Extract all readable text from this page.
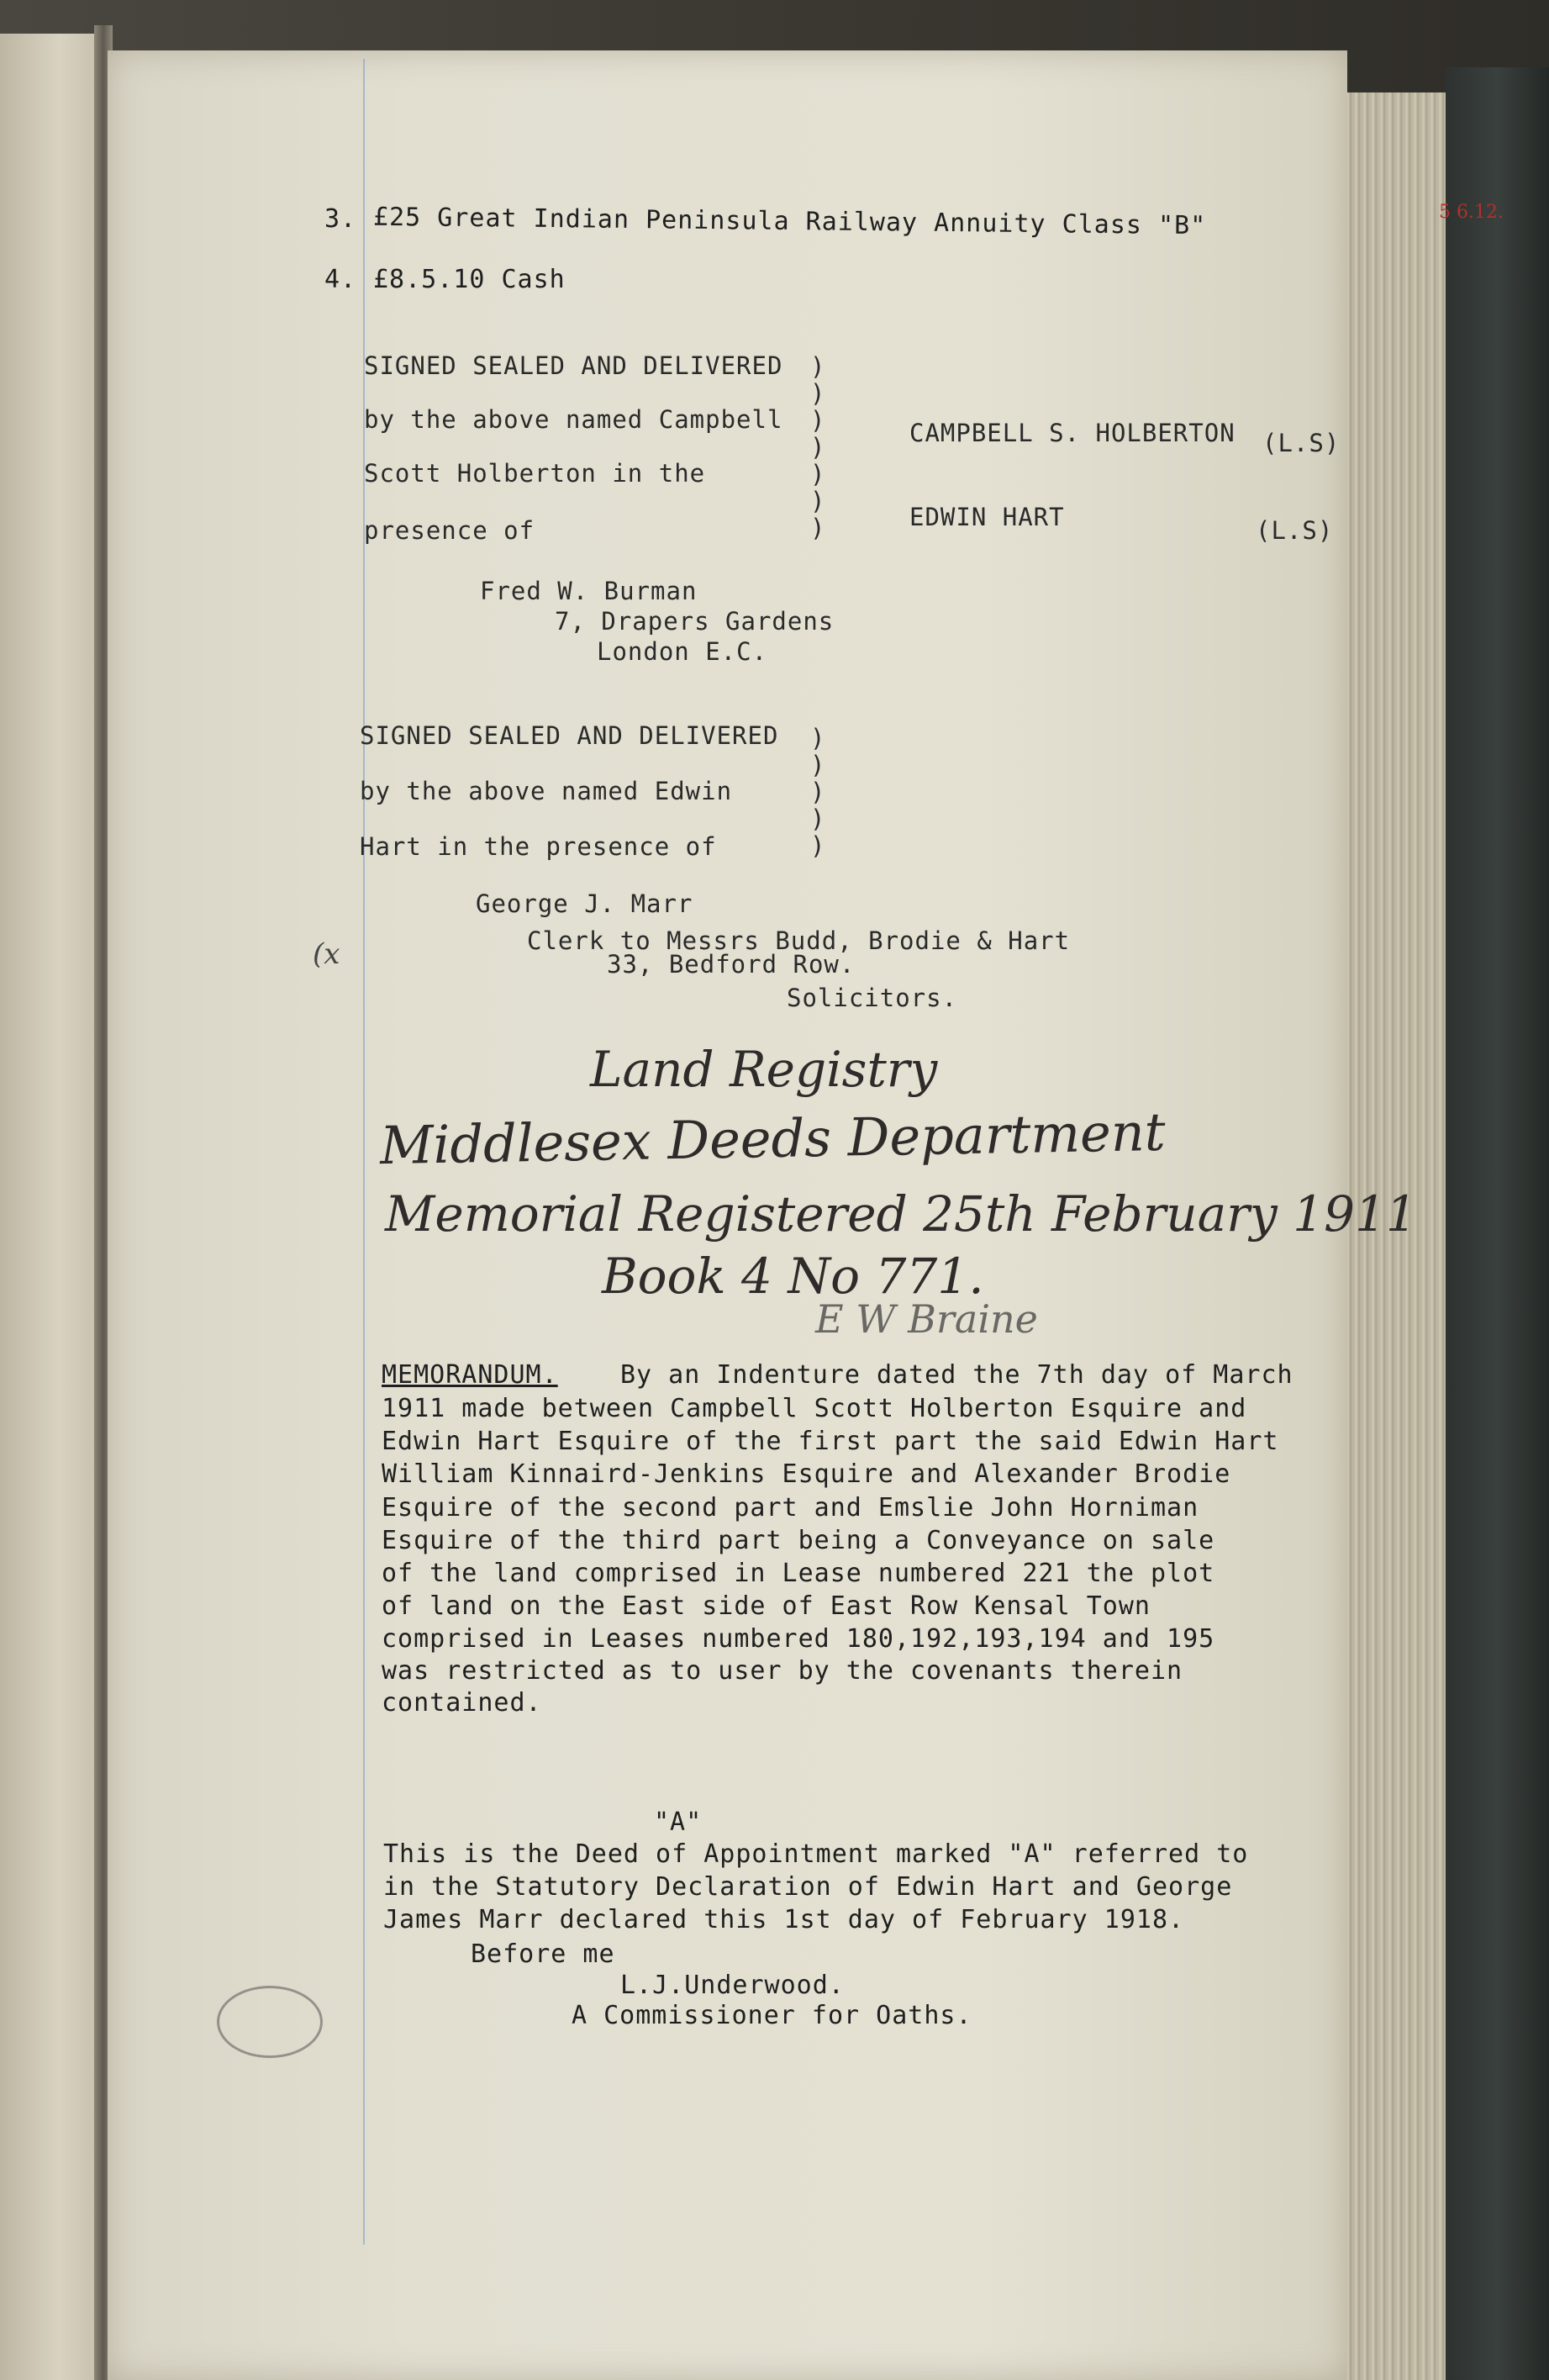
5 6.12.
3. £25 Great Indian Peninsula Railway Annuity Class "B"
4. £8.5.10 Cash
SIGNED SEALED AND DELIVERED
by the above named Campbell
Scott Holberton in the
presence of
)
)
)
)
)
)
)
CAMPBELL S. HOLBERTON (L.S)
EDWIN HART	(L.S)
Fred W. Burman
7, Drapers Gardens
London E.C.
SIGNED SEALED AND DELIVERED
by the above named Edwin
Hart in the presence of
)
)
)
)
)
George J. Marr
Clerk to Messrs Budd, Brodie & Hart
33, Bedford Row.
Solicitors.
(x
Land Registry
Middlesex Deeds Department
Memorial Registered 25th February 1911
Book 4 No 771.
E W Braine
MEMORANDUM. By an Indenture dated the 7th day of March
1911 made between Campbell Scott Holberton Esquire and
Edwin Hart Esquire of the first part the said Edwin Hart
William Kinnaird-Jenkins Esquire and Alexander Brodie
Esquire of the second part and Emslie John Horniman
Esquire of the third part being a Conveyance on sale
of the land comprised in Lease numbered 221 the plot
of land on the East side of East Row Kensal Town
comprised in Leases numbered 180,192,193,194 and 195
was restricted as to user by the covenants therein
contained.
"A"
This is the Deed of Appointment marked "A" referred to
in the Statutory Declaration of Edwin Hart and George
James Marr declared this 1st day of February 1918.
Before me
L.J.Underwood.
A Commissioner for Oaths.
